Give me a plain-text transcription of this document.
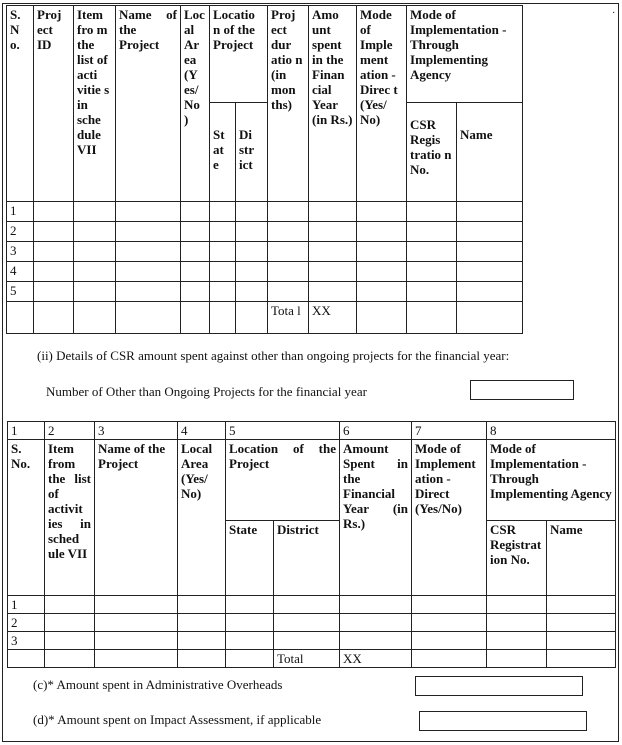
·
S. N o.	Proj ect ID	Item fro m the list of acti vitie s in sche dule VII	Name of the Project	Loc al Ar ea (Y es/ No )	Locatio n of the Project		Proj ect dur atio n (in mon ths)	Amo unt spent in the Finan cial Year (in Rs.)	Mode of Imple ment ation - Direc t (Yes/ No)	Mode of Implementation - Through Implementing Agency	
					St at e	Di str ict				CSR Regis tratio n No.	Name
1											
2											
3											
4											
5											
							Tota l	XX			
(ii) Details of CSR amount spent against other than ongoing projects for the financial year:
Number of Other than Ongoing Projects for the financial year
1	2	3	4	5		6	7	8	
S. No.	Item from the list of activit ies in sched ule VII	Name of the Project	Local Area (Yes/ No)	Location of the Project		Amount Spent in the Financial Year (in Rs.)	Mode of Implement ation - Direct (Yes/No)	Mode of Implementation - Through Implementing Agency	
				State	District			CSR Registrat ion No.	Name
1									
2									
3									
					Total	XX			
(c)* Amount spent in Administrative Overheads
(d)* Amount spent on Impact Assessment, if applicable
